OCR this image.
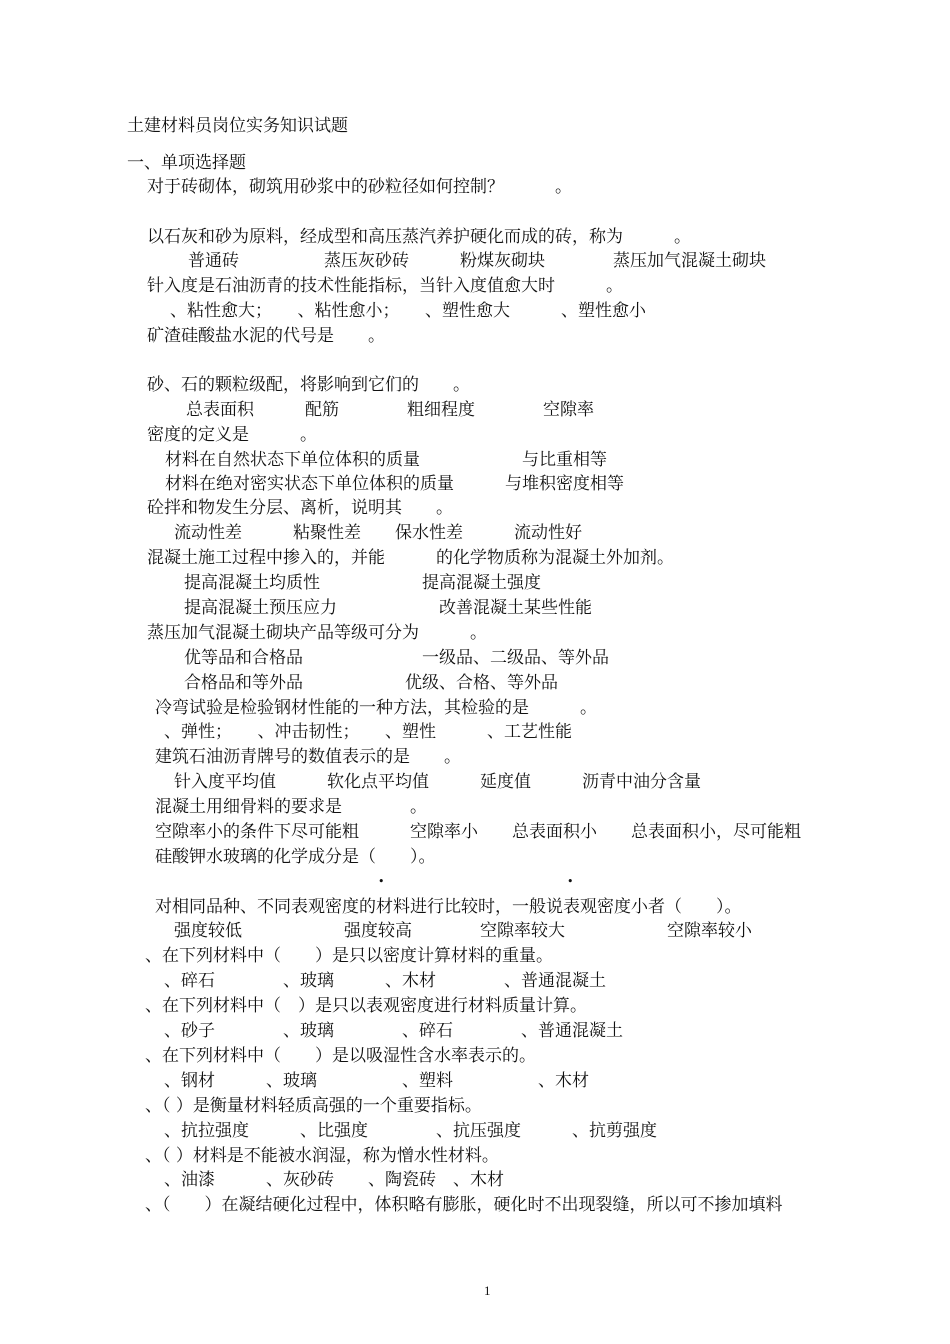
土建材料员岗位实务知识试题
一、单项选择题
对于砖砌体，砌筑用砂浆中的砂粒径如何控制？　　　。
以石灰和砂为原料，经成型和高压蒸汽养护硬化而成的砖，称为　　　。
普通砖　　　　　蒸压灰砂砖　　　粉煤灰砌块　　　　蒸压加气混凝土砌块
针入度是石油沥青的技术性能指标，当针入度值愈大时　　　。
、粘性愈大；　　、粘性愈小；　　、塑性愈大　　　、塑性愈小
矿渣硅酸盐水泥的代号是　　。
砂、石的颗粒级配，将影响到它们的　　。
总表面积　　　配筋　　　　粗细程度　　　　空隙率
密度的定义是　　　。
材料在自然状态下单位体积的质量　　　　　　与比重相等
材料在绝对密实状态下单位体积的质量　　　与堆积密度相等
砼拌和物发生分层、离析，说明其　　。
流动性差　　　粘聚性差　　保水性差　　　流动性好
混凝土施工过程中掺入的，并能　　　的化学物质称为混凝土外加剂。
提高混凝土均质性　　　　　　提高混凝土强度
提高混凝土预压应力　　　　　　改善混凝土某些性能
蒸压加气混凝土砌块产品等级可分为　　　。
优等品和合格品　　　　　　　一级品、二级品、等外品
合格品和等外品　　　　　　优级、合格、等外品
冷弯试验是检验钢材性能的一种方法，其检验的是　　　。
、弹性；　　、冲击韧性；　　、塑性　　　、工艺性能
建筑石油沥青牌号的数值表示的是　　。
针入度平均值　　　软化点平均值　　　延度值　　　沥青中油分含量
混凝土用细骨料的要求是　　　　。
空隙率小的条件下尽可能粗　　　空隙率小　　总表面积小　　总表面积小，尽可能粗
硅酸钾水玻璃的化学成分是（　　）。
•	•
对相同品种、不同表观密度的材料进行比较时，一般说表观密度小者（　　）。
强度较低　　　　　　强度较高　　　　空隙率较大　　　　　　空隙率较小
、在下列材料中（　　）是只以密度计算材料的重量。
、碎石　　　　、玻璃　　　、木材　　　　、普通混凝土
、在下列材料中（　）是只以表观密度进行材料质量计算。
、砂子　　　　、玻璃　　　　、碎石　　　　、普通混凝土
、在下列材料中（　　）是以吸湿性含水率表示的。
、钢材　　　、玻璃　　　　　、塑料　　　　　、木材
、（ ）是衡量材料轻质高强的一个重要指标。
、抗拉强度　　　、比强度　　　　、抗压强度　　　、抗剪强度
、（ ）材料是不能被水润湿，称为憎水性材料。
、油漆　　　、灰砂砖　　、陶瓷砖　、木材
、（　　）在凝结硬化过程中，体积略有膨胀，硬化时不出现裂缝，所以可不掺加填料
1
